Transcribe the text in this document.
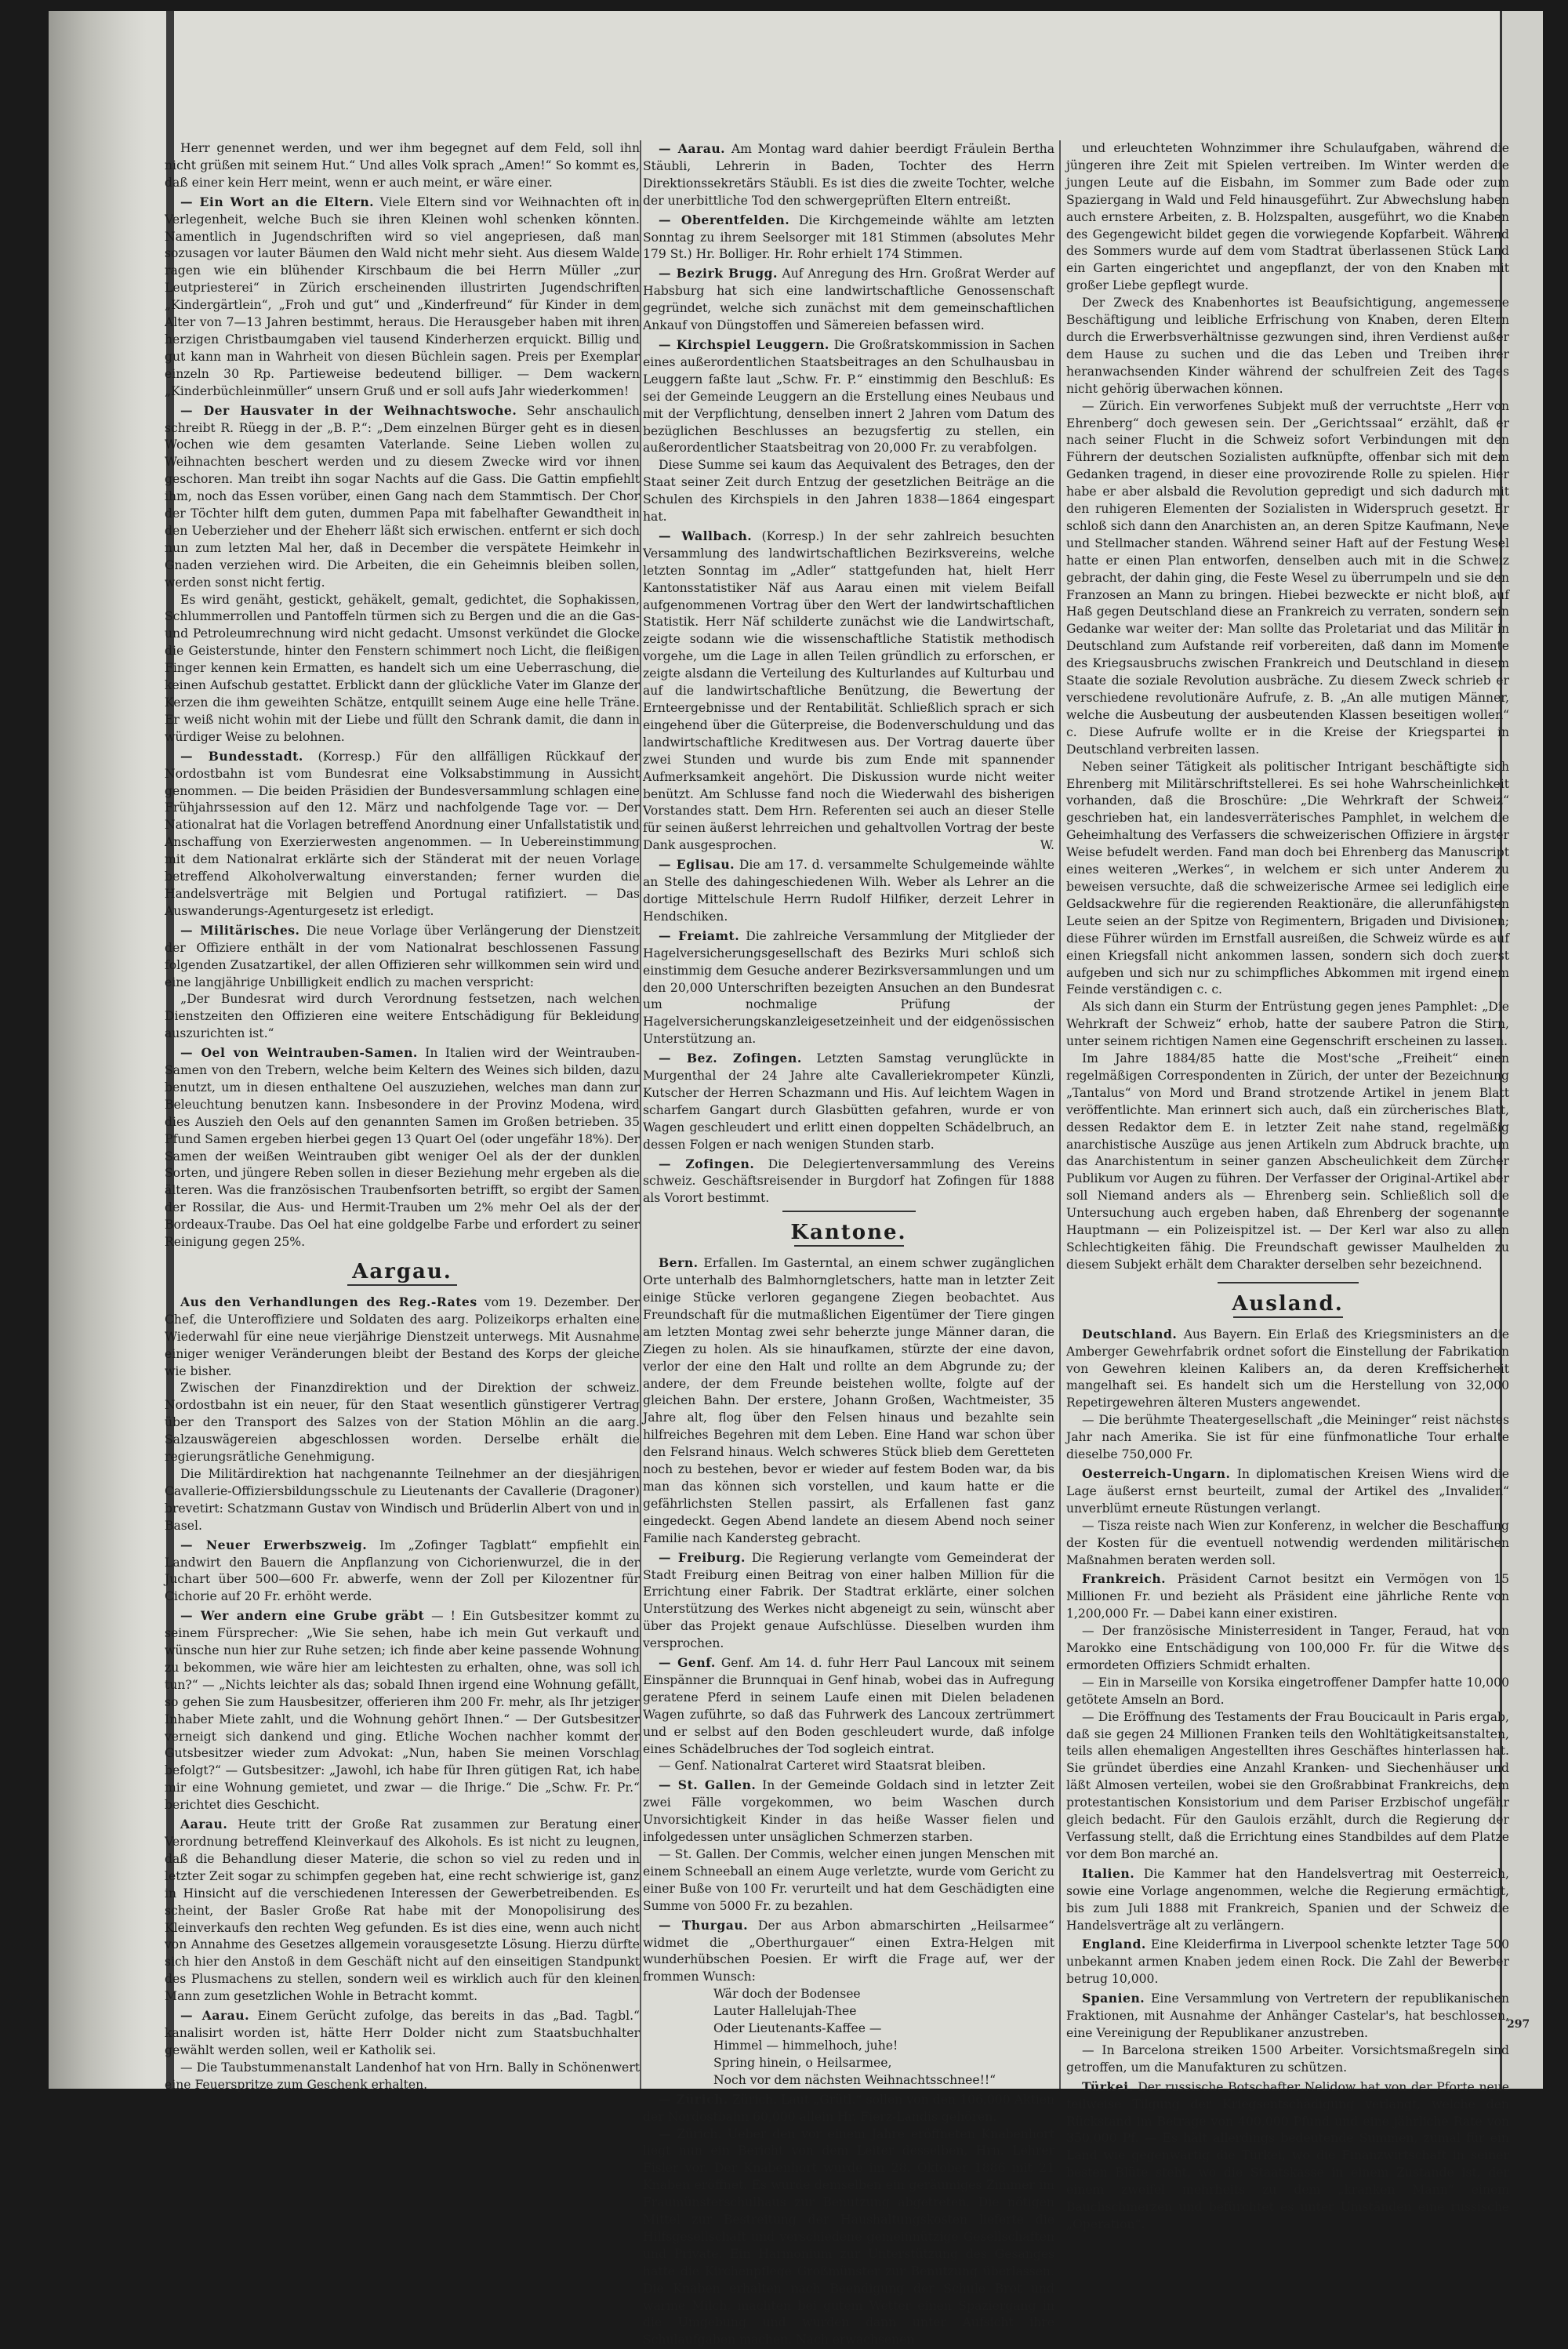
297

Herr genennet werden, und wer ihm begegnet auf dem Feld, soll ihn nicht grüßen mit seinem Hut.“ Und alles Volk sprach „Amen!“ So kommt es, daß einer kein Herr meint, wenn er auch meint, er wäre einer.

— Ein Wort an die Eltern. Viele Eltern sind vor Weihnachten oft in Verlegenheit, welche Buch sie ihren Kleinen wohl schenken könnten. Namentlich in Jugendschriften wird so viel angepriesen, daß man sozusagen vor lauter Bäumen den Wald nicht mehr sieht. Aus diesem Walde ragen wie ein blühender Kirschbaum die bei Herrn Müller „zur Leutpriesterei“ in Zürich erscheinenden illustrirten Jugendschriften „Kindergärtlein“, „Froh und gut“ und „Kinderfreund“ für Kinder in dem Alter von 7—13 Jahren bestimmt, heraus. Die Herausgeber haben mit ihren herzigen Christbaumgaben viel tausend Kinderherzen erquickt. Billig und gut kann man in Wahrheit von diesen Büchlein sagen. Preis per Exemplar einzeln 30 Rp. Partieweise bedeutend billiger. — Dem wackern „Kinderbüchleinmüller“ unsern Gruß und er soll aufs Jahr wiederkommen!

— Der Hausvater in der Weihnachtswoche. Sehr anschaulich schreibt R. Rüegg in der „B. P.“: „Dem einzelnen Bürger geht es in diesen Wochen wie dem gesamten Vaterlande. Seine Lieben wollen zu Weihnachten beschert werden und zu diesem Zwecke wird vor ihnen geschoren. Man treibt ihn sogar Nachts auf die Gass. Die Gattin empfiehlt ihm, noch das Essen vorüber, einen Gang nach dem Stammtisch. Der Chor der Töchter hilft dem guten, dummen Papa mit fabelhafter Gewandtheit in den Ueberzieher und der Eheherr läßt sich erwischen. entfernt er sich doch nun zum letzten Mal her, daß in December die verspätete Heimkehr in Gnaden verziehen wird. Die Arbeiten, die ein Geheimnis bleiben sollen, werden sonst nicht fertig.

Es wird genäht, gestickt, gehäkelt, gemalt, gedichtet, die Sophakissen, Schlummerrollen und Pantoffeln türmen sich zu Bergen und die an die Gas- und Petroleumrechnung wird nicht gedacht. Umsonst verkündet die Glocke die Geisterstunde, hinter den Fenstern schimmert noch Licht, die fleißigen Finger kennen kein Ermatten, es handelt sich um eine Ueberraschung, die keinen Aufschub gestattet. Erblickt dann der glückliche Vater im Glanze der Kerzen die ihm geweihten Schätze, entquillt seinem Auge eine helle Träne. Er weiß nicht wohin mit der Liebe und füllt den Schrank damit, die dann in würdiger Weise zu belohnen.

— Bundesstadt. (Korresp.) Für den allfälligen Rückkauf der Nordostbahn ist vom Bundesrat eine Volksabstimmung in Aussicht genommen. — Die beiden Präsidien der Bundesversammlung schlagen eine Frühjahrssession auf den 12. März und nachfolgende Tage vor. — Der Nationalrat hat die Vorlagen betreffend Anordnung einer Unfallstatistik und Anschaffung von Exerzierwesten angenommen. — In Uebereinstimmung mit dem Nationalrat erklärte sich der Ständerat mit der neuen Vorlage betreffend Alkoholverwaltung einverstanden; ferner wurden die Handelsverträge mit Belgien und Portugal ratifiziert. — Das Auswanderungs-Agenturgesetz ist erledigt.

— Militärisches. Die neue Vorlage über Verlängerung der Dienstzeit der Offiziere enthält in der vom Nationalrat beschlossenen Fassung folgenden Zusatzartikel, der allen Offizieren sehr willkommen sein wird und eine langjährige Unbilligkeit endlich zu machen verspricht:

„Der Bundesrat wird durch Verordnung festsetzen, nach welchen Dienstzeiten den Offizieren eine weitere Entschädigung für Bekleidung auszurichten ist.“

— Oel von Weintrauben-Samen. In Italien wird der Weintrauben-Samen von den Trebern, welche beim Keltern des Weines sich bilden, dazu benutzt, um in diesen enthaltene Oel auszuziehen, welches man dann zur Beleuchtung benutzen kann. Insbesondere in der Provinz Modena, wird dies Auszieh den Oels auf den genannten Samen im Großen betrieben. 35 Pfund Samen ergeben hierbei gegen 13 Quart Oel (oder ungefähr 18%). Der Samen der weißen Weintrauben gibt weniger Oel als der der dunklen Sorten, und jüngere Reben sollen in dieser Beziehung mehr ergeben als die älteren. Was die französischen Traubenfsorten betrifft, so ergibt der Samen der Rossilar, die Aus- und Hermit-Trauben um 2% mehr Oel als der der Bordeaux-Traube. Das Oel hat eine goldgelbe Farbe und erfordert zu seiner Reinigung gegen 25%.

Aargau.

Aus den Verhandlungen des Reg.-Rates vom 19. Dezember. Der Chef, die Unteroffiziere und Soldaten des aarg. Polizeikorps erhalten eine Wiederwahl für eine neue vierjährige Dienstzeit unterwegs. Mit Ausnahme einiger weniger Veränderungen bleibt der Bestand des Korps der gleiche wie bisher.

Zwischen der Finanzdirektion und der Direktion der schweiz. Nordostbahn ist ein neuer, für den Staat wesentlich günstigerer Vertrag über den Transport des Salzes von der Station Möhlin an die aarg. Salzauswägereien abgeschlossen worden. Derselbe erhält die regierungsrätliche Genehmigung.

Die Militärdirektion hat nachgenannte Teilnehmer an der diesjährigen Cavallerie-Offiziersbildungsschule zu Lieutenants der Cavallerie (Dragoner) brevetirt: Schatzmann Gustav von Windisch und Brüderlin Albert von und in Basel.

— Neuer Erwerbszweig. Im „Zofinger Tagblatt“ empfiehlt ein Landwirt den Bauern die Anpflanzung von Cichorienwurzel, die in der Juchart über 500—600 Fr. abwerfe, wenn der Zoll per Kilozentner für Cichorie auf 20 Fr. erhöht werde.

— Wer andern eine Grube gräbt — ! Ein Gutsbesitzer kommt zu seinem Fürsprecher: „Wie Sie sehen, habe ich mein Gut verkauft und wünsche nun hier zur Ruhe setzen; ich finde aber keine passende Wohnung zu bekommen, wie wäre hier am leichtesten zu erhalten, ohne, was soll ich tun?“ — „Nichts leichter als das; sobald Ihnen irgend eine Wohnung gefällt, so gehen Sie zum Hausbesitzer, offerieren ihm 200 Fr. mehr, als Ihr jetziger Inhaber Miete zahlt, und die Wohnung gehört Ihnen.“ — Der Gutsbesitzer verneigt sich dankend und ging. Etliche Wochen nachher kommt der Gutsbesitzer wieder zum Advokat: „Nun, haben Sie meinen Vorschlag befolgt?“ — Gutsbesitzer: „Jawohl, ich habe für Ihren gütigen Rat, ich habe mir eine Wohnung gemietet, und zwar — die Ihrige.“ Die „Schw. Fr. Pr.“ berichtet dies Geschicht.

Aarau. Heute tritt der Große Rat zusammen zur Beratung einer Verordnung betreffend Kleinverkauf des Alkohols. Es ist nicht zu leugnen, daß die Behandlung dieser Materie, die schon so viel zu reden und in letzter Zeit sogar zu schimpfen gegeben hat, eine recht schwierige ist, ganz in Hinsicht auf die verschiedenen Interessen der Gewerbetreibenden. Es scheint, der Basler Große Rat habe mit der Monopolisirung des Kleinverkaufs den rechten Weg gefunden. Es ist dies eine, wenn auch nicht von Annahme des Gesetzes allgemein vorausgesetzte Lösung. Hierzu dürfte sich hier den Anstoß in dem Geschäft nicht auf den einseitigen Standpunkt des Plusmachens zu stellen, sondern weil es wirklich auch für den kleinen Mann zum gesetzlichen Wohle in Betracht kommt.

— Aarau. Einem Gerücht zufolge, das bereits in das „Bad. Tagbl.“ kanalisirt worden ist, hätte Herr Dolder nicht zum Staatsbuchhalter gewählt werden sollen, weil er Katholik sei.

— Die Taubstummenanstalt Landenhof hat von Hrn. Bally in Schönenwert eine Feuerspritze zum Geschenk erhalten.

— Aarau. Am Montag ward dahier beerdigt Fräulein Bertha Stäubli, Lehrerin in Baden, Tochter des Herrn Direktionssekretärs Stäubli. Es ist dies die zweite Tochter, welche der unerbittliche Tod den schwergeprüften Eltern entreißt.

— Oberentfelden. Die Kirchgemeinde wählte am letzten Sonntag zu ihrem Seelsorger mit 181 Stimmen (absolutes Mehr 179 St.) Hr. Bolliger. Hr. Rohr erhielt 174 Stimmen.

— Bezirk Brugg. Auf Anregung des Hrn. Großrat Werder auf Habsburg hat sich eine landwirtschaftliche Genossenschaft gegründet, welche sich zunächst mit dem gemeinschaftlichen Ankauf von Düngstoffen und Sämereien befassen wird.

— Kirchspiel Leuggern. Die Großratskommission in Sachen eines außerordentlichen Staatsbeitrages an den Schulhausbau in Leuggern faßte laut „Schw. Fr. P.“ einstimmig den Beschluß: Es sei der Gemeinde Leuggern an die Erstellung eines Neubaus und mit der Verpflichtung, denselben innert 2 Jahren vom Datum des bezüglichen Beschlusses an bezugsfertig zu stellen, ein außerordentlicher Staatsbeitrag von 20,000 Fr. zu verabfolgen.

Diese Summe sei kaum das Aequivalent des Betrages, den der Staat seiner Zeit durch Entzug der gesetzlichen Beiträge an die Schulen des Kirchspiels in den Jahren 1838—1864 eingespart hat.

— Wallbach. (Korresp.) In der sehr zahlreich besuchten Versammlung des landwirtschaftlichen Bezirksvereins, welche letzten Sonntag im „Adler“ stattgefunden hat, hielt Herr Kantonsstatistiker Näf aus Aarau einen mit vielem Beifall aufgenommenen Vortrag über den Wert der landwirtschaftlichen Statistik. Herr Näf schilderte zunächst wie die Landwirtschaft, zeigte sodann wie die wissenschaftliche Statistik methodisch vorgehe, um die Lage in allen Teilen gründlich zu erforschen, er zeigte alsdann die Verteilung des Kulturlandes auf Kulturbau und auf die landwirtschaftliche Benützung, die Bewertung der Ernteergebnisse und der Rentabilität. Schließlich sprach er sich eingehend über die Güterpreise, die Bodenverschuldung und das landwirtschaftliche Kreditwesen aus. Der Vortrag dauerte über zwei Stunden und wurde bis zum Ende mit spannender Aufmerksamkeit angehört. Die Diskussion wurde nicht weiter benützt. Am Schlusse fand noch die Wiederwahl des bisherigen Vorstandes statt. Dem Hrn. Referenten sei auch an dieser Stelle für seinen äußerst lehrreichen und gehaltvollen Vortrag der beste Dank ausgesprochen.	W.

— Eglisau. Die am 17. d. versammelte Schulgemeinde wählte an Stelle des dahingeschiedenen Wilh. Weber als Lehrer an die dortige Mittelschule Herrn Rudolf Hilfiker, derzeit Lehrer in Hendschiken.

— Freiamt. Die zahlreiche Versammlung der Mitglieder der Hagelversicherungsgesellschaft des Bezirks Muri schloß sich einstimmig dem Gesuche anderer Bezirksversammlungen und um den 20,000 Unterschriften bezeigten Ansuchen an den Bundesrat um nochmalige Prüfung der Hagelversicherungskanzleigesetzeinheit und der eidgenössischen Unterstützung an.

— Bez. Zofingen. Letzten Samstag verunglückte in Murgenthal der 24 Jahre alte Cavalleriekrompeter Künzli, Kutscher der Herren Schazmann und His. Auf leichtem Wagen in scharfem Gangart durch Glasbütten gefahren, wurde er von Wagen geschleudert und erlitt einen doppelten Schädelbruch, an dessen Folgen er nach wenigen Stunden starb.

— Zofingen. Die Delegiertenversammlung des Vereins schweiz. Geschäftsreisender in Burgdorf hat Zofingen für 1888 als Vorort bestimmt.

Kantone.

Bern. Erfallen. Im Gasterntal, an einem schwer zugänglichen Orte unterhalb des Balmhorngletschers, hatte man in letzter Zeit einige Stücke verloren gegangene Ziegen beobachtet. Aus Freundschaft für die mutmaßlichen Eigentümer der Tiere gingen am letzten Montag zwei sehr beherzte junge Männer daran, die Ziegen zu holen. Als sie hinaufkamen, stürzte der eine davon, verlor der eine den Halt und rollte an dem Abgrunde zu; der andere, der dem Freunde beistehen wollte, folgte auf der gleichen Bahn. Der erstere, Johann Großen, Wachtmeister, 35 Jahre alt, flog über den Felsen hinaus und bezahlte sein hilfreiches Begehren mit dem Leben. Eine Hand war schon über den Felsrand hinaus. Welch schweres Stück blieb dem Geretteten noch zu bestehen, bevor er wieder auf festem Boden war, da bis man das können sich vorstellen, und kaum hatte er die gefährlichsten Stellen passirt, als Erfallenen fast ganz eingedeckt. Gegen Abend landete an diesem Abend noch seiner Familie nach Kandersteg gebracht.

— Freiburg. Die Regierung verlangte vom Gemeinderat der Stadt Freiburg einen Beitrag von einer halben Million für die Errichtung einer Fabrik. Der Stadtrat erklärte, einer solchen Unterstützung des Werkes nicht abgeneigt zu sein, wünscht aber über das Projekt genaue Aufschlüsse. Dieselben wurden ihm versprochen.

— Genf. Genf. Am 14. d. fuhr Herr Paul Lancoux mit seinem Einspänner die Brunnquai in Genf hinab, wobei das in Aufregung geratene Pferd in seinem Laufe einen mit Dielen beladenen Wagen zuführte, so daß das Fuhrwerk des Lancoux zertrümmert und er selbst auf den Boden geschleudert wurde, daß infolge eines Schädelbruches der Tod sogleich eintrat.

— Genf. Nationalrat Carteret wird Staatsrat bleiben.

— St. Gallen. In der Gemeinde Goldach sind in letzter Zeit zwei Fälle vorgekommen, wo beim Waschen durch Unvorsichtigkeit Kinder in das heiße Wasser fielen und infolgedessen unter unsäglichen Schmerzen starben.

— St. Gallen. Der Commis, welcher einen jungen Menschen mit einem Schneeball an einem Auge verletzte, wurde vom Gericht zu einer Buße von 100 Fr. verurteilt und hat dem Geschädigten eine Summe von 5000 Fr. zu bezahlen.

— Thurgau. Der aus Arbon abmarschirten „Heilsarmee“ widmet die „Oberthurgauer“ einen Extra-Helgen mit wunderhübschen Poesien. Er wirft die Frage auf, wer der frommen Wunsch:

Wär doch der Bodensee

Lauter Hallelujah-Thee

Oder Lieutenants-Kaffee —

Himmel — himmelhoch, juhe!

Spring hinein, o Heilsarmee,

Noch vor dem nächsten Weihnachtsschnee!!“

— Zürich. Zürich. Laut „Grütl.“ sollen von den 106,000 Aktien der Nordostbahn 60,000 allein Hr. Fierz-Landis gehören.

— Zürich. Ueber den vor einem Jahre eröffneten Knabenhort liegt nun ein Bericht von dem Leiter desselben, Hrn. Lehrer Fisler vor. Der Knabenhort wurde im 28. Oktober 1886 mit 21 Knaben eröffnet. Es wurde demselben ein geräumiges Zimmer im Fraumünsterschulhaus zur Benutzung abgetreten. Die nötigen Mittel zur Bestreitung der Haushaltungskosten lieferte die Hilfsgesellschaft und verschiedene gemeinnützige Gesellschaften und Private. Ein Harmonium zur Unterstützung des Gesanges hatte die Kirchenpflege Großmünster zur Benutzung überlassen. Die Knaben erhalten nach Beendigung der Schule Brot und warme Milch, machten bei gutem Wetter einen Spaziergang in die Umgebung und wurden dann unter Aufsicht ihre Schulaufgaben machen. Nach erwachsenen

und erleuchteten Wohnzimmer ihre Schulaufgaben, während die jüngeren ihre Zeit mit Spielen vertreiben. Im Winter werden die jungen Leute auf die Eisbahn, im Sommer zum Bade oder zum Spaziergang in Wald und Feld hinausgeführt. Zur Abwechslung haben auch ernstere Arbeiten, z. B. Holzspalten, ausgeführt, wo die Knaben des Gegengewicht bildet gegen die vorwiegende Kopfarbeit. Während des Sommers wurde auf dem vom Stadtrat überlassenen Stück Land ein Garten eingerichtet und angepflanzt, der von den Knaben mit großer Liebe gepflegt wurde.

Der Zweck des Knabenhortes ist Beaufsichtigung, angemessene Beschäftigung und leibliche Erfrischung von Knaben, deren Eltern durch die Erwerbsverhältnisse gezwungen sind, ihren Verdienst außer dem Hause zu suchen und die das Leben und Treiben ihrer heranwachsenden Kinder während der schulfreien Zeit des Tages nicht gehörig überwachen können.

— Zürich. Ein verworfenes Subjekt muß der verruchtste „Herr von Ehrenberg“ doch gewesen sein. Der „Gerichtssaal“ erzählt, daß er nach seiner Flucht in die Schweiz sofort Verbindungen mit den Führern der deutschen Sozialisten aufknüpfte, offenbar sich mit dem Gedanken tragend, in dieser eine provozirende Rolle zu spielen. Hier habe er aber alsbald die Revolution gepredigt und sich dadurch mit den ruhigeren Elementen der Sozialisten in Widerspruch gesetzt. Er schloß sich dann den Anarchisten an, an deren Spitze Kaufmann, Neve und Stellmacher standen. Während seiner Haft auf der Festung Wesel hatte er einen Plan entworfen, denselben auch mit in die Schweiz gebracht, der dahin ging, die Feste Wesel zu überrumpeln und sie den Franzosen an Mann zu bringen. Hiebei bezweckte er nicht bloß, auf Haß gegen Deutschland diese an Frankreich zu verraten, sondern sein Gedanke war weiter der: Man sollte das Proletariat und das Militär in Deutschland zum Aufstande reif vorbereiten, daß dann im Momente des Kriegsausbruchs zwischen Frankreich und Deutschland in diesem Staate die soziale Revolution ausbräche. Zu diesem Zweck schrieb er verschiedene revolutionäre Aufrufe, z. B. „An alle mutigen Männer, welche die Ausbeutung der ausbeutenden Klassen beseitigen wollen“ c. Diese Aufrufe wollte er in die Kreise der Kriegspartei in Deutschland verbreiten lassen.

Neben seiner Tätigkeit als politischer Intrigant beschäftigte sich Ehrenberg mit Militärschriftstellerei. Es sei hohe Wahrscheinlichkeit vorhanden, daß die Broschüre: „Die Wehrkraft der Schweiz“ geschrieben hat, ein landesverräterisches Pamphlet, in welchem die Geheimhaltung des Verfassers die schweizerischen Offiziere in ärgster Weise befudelt werden. Fand man doch bei Ehrenberg das Manuscript eines weiteren „Werkes“, in welchem er sich unter Anderem zu beweisen versuchte, daß die schweizerische Armee sei lediglich eine Geldsackwehre für die regierenden Reaktionäre, die allerunfähigsten Leute seien an der Spitze von Regimentern, Brigaden und Divisionen; diese Führer würden im Ernstfall ausreißen, die Schweiz würde es auf einen Kriegsfall nicht ankommen lassen, sondern sich doch zuerst aufgeben und sich nur zu schimpfliches Abkommen mit irgend einem Feinde verständigen c. c.

Als sich dann ein Sturm der Entrüstung gegen jenes Pamphlet: „Die Wehrkraft der Schweiz“ erhob, hatte der saubere Patron die Stirn, unter seinem richtigen Namen eine Gegenschrift erscheinen zu lassen.

Im Jahre 1884/85 hatte die Most'sche „Freiheit“ einen regelmäßigen Correspondenten in Zürich, der unter der Bezeichnung „Tantalus“ von Mord und Brand strotzende Artikel in jenem Blatt veröffentlichte. Man erinnert sich auch, daß ein zürcherisches Blatt, dessen Redaktor dem E. in letzter Zeit nahe stand, regelmäßig anarchistische Auszüge aus jenen Artikeln zum Abdruck brachte, um das Anarchistentum in seiner ganzen Abscheulichkeit dem Zürcher Publikum vor Augen zu führen. Der Verfasser der Original-Artikel aber soll Niemand anders als — Ehrenberg sein. Schließlich soll die Untersuchung auch ergeben haben, daß Ehrenberg der sogenannte Hauptmann — ein Polizeispitzel ist. — Der Kerl war also zu allen Schlechtigkeiten fähig. Die Freundschaft gewisser Maulhelden zu diesem Subjekt erhält dem Charakter derselben sehr bezeichnend.

Ausland.

Deutschland. Aus Bayern. Ein Erlaß des Kriegsministers an die Amberger Gewehrfabrik ordnet sofort die Einstellung der Fabrikation von Gewehren kleinen Kalibers an, da deren Kreffsicherheit mangelhaft sei. Es handelt sich um die Herstellung von 32,000 Repetirgewehren älteren Musters angewendet.

— Die berühmte Theatergesellschaft „die Meininger“ reist nächstes Jahr nach Amerika. Sie ist für eine fünfmonatliche Tour erhalte dieselbe 750,000 Fr.

Oesterreich-Ungarn. In diplomatischen Kreisen Wiens wird die Lage äußerst ernst beurteilt, zumal der Artikel des „Invaliden“ unverblümt erneute Rüstungen verlangt.

— Tisza reiste nach Wien zur Konferenz, in welcher die Beschaffung der Kosten für die eventuell notwendig werdenden militärischen Maßnahmen beraten werden soll.

Frankreich. Präsident Carnot besitzt ein Vermögen von 15 Millionen Fr. und bezieht als Präsident eine jährliche Rente von 1,200,000 Fr. — Dabei kann einer existiren.

— Der französische Ministerresident in Tanger, Feraud, hat von Marokko eine Entschädigung von 100,000 Fr. für die Witwe des ermordeten Offiziers Schmidt erhalten.

— Ein in Marseille von Korsika eingetroffener Dampfer hatte 10,000 getötete Amseln an Bord.

— Die Eröffnung des Testaments der Frau Boucicault in Paris ergab, daß sie gegen 24 Millionen Franken teils den Wohltätigkeitsanstalten, teils allen ehemaligen Angestellten ihres Geschäftes hinterlassen hat. Sie gründet überdies eine Anzahl Kranken- und Siechenhäuser und läßt Almosen verteilen, wobei sie den Großrabbinat Frankreichs, dem protestantischen Konsistorium und dem Pariser Erzbischof ungefähr gleich bedacht. Für den Gaulois erzählt, durch die Regierung der Verfassung stellt, daß die Errichtung eines Standbildes auf dem Platze vor dem Bon marché an.

Italien. Die Kammer hat den Handelsvertrag mit Oesterreich, sowie eine Vorlage angenommen, welche die Regierung ermächtigt, bis zum Juli 1888 mit Frankreich, Spanien und der Schweiz die Handelsverträge alt zu verlängern.

England. Eine Kleiderfirma in Liverpool schenkte letzter Tage 500 unbekannt armen Knaben jedem einen Rock. Die Zahl der Bewerber betrug 10,000.

Spanien. Eine Versammlung von Vertretern der republikanischen Fraktionen, mit Ausnahme der Anhänger Castelar's, hat beschlossen, eine Vereinigung der Republikaner anzustreben.

— In Barcelona streiken 1500 Arbeiter. Vorsichtsmaßregeln sind getroffen, um die Manufakturen zu schützen.

Türkei. Der russische Botschafter Nelidow hat von der Pforte neue teilweise Tilgung der Kriegsentschädigung verlangt, welche den Rückstand im Betrage von 400,000 Pfund und eine jährliche Rate von 350,000 Pf. — Es hält allerdings bedeutende Summen, zumal für ein Land wie gegenwärtig die Türkei, wo die Finanzwirtschaft in seiner besten Blüte steht, wo die Staatskasse in einem Zustande ist, der einem zweifel mehrheits zu dem „kranken Mann“ einem Bauchschmerzen und befürchtet es unter Umständen eine russische „Operation“.
